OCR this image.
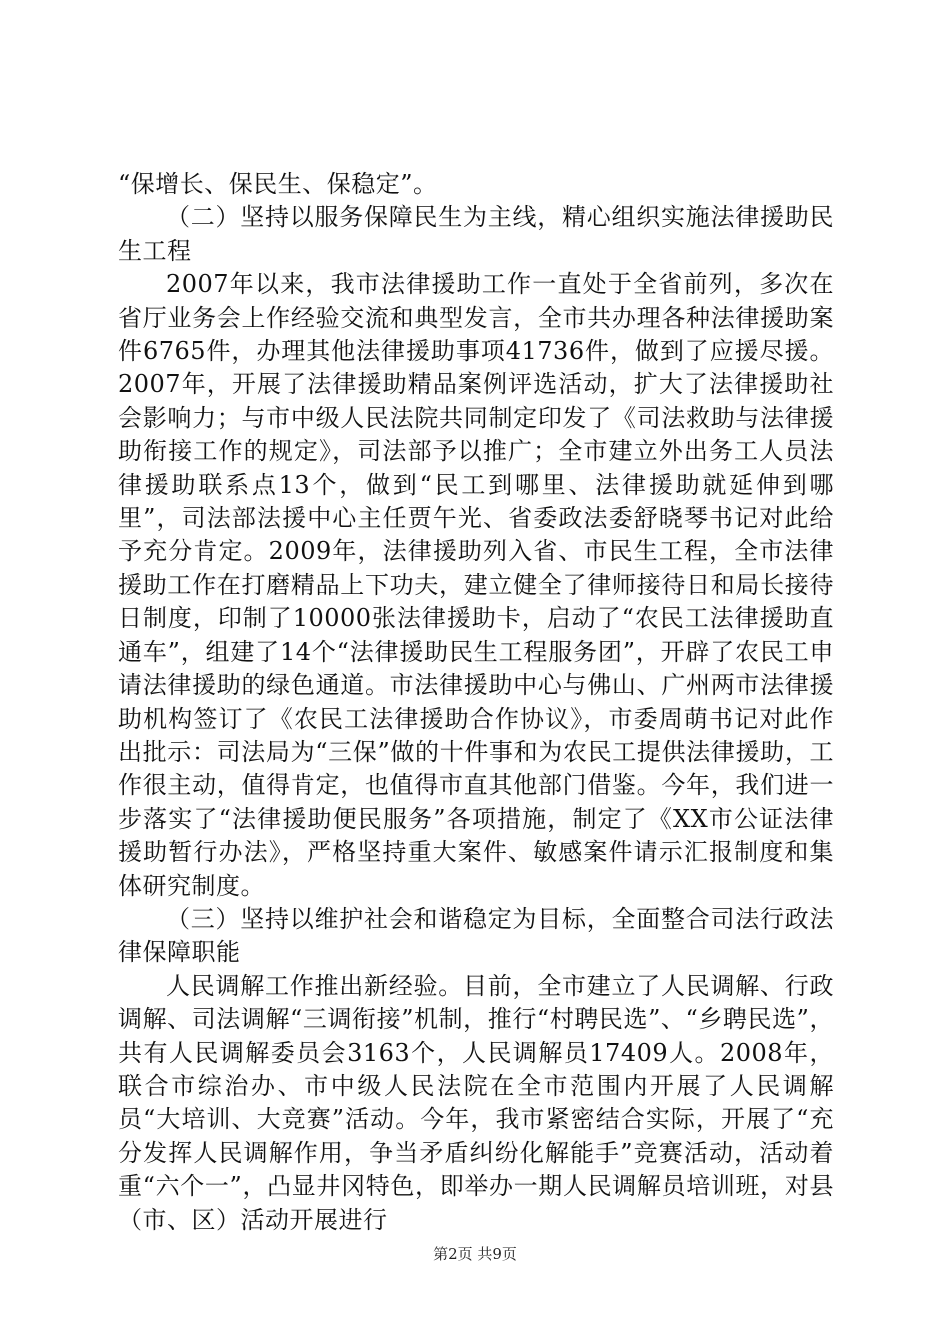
“保增长、保民生、保稳定”。

（二）坚持以服务保障民生为主线，精心组织实施法律援助民生工程

2007年以来，我市法律援助工作一直处于全省前列，多次在省厅业务会上作经验交流和典型发言，全市共办理各种法律援助案件6765件，办理其他法律援助事项41736件，做到了应援尽援。2007年，开展了法律援助精品案例评选活动，扩大了法律援助社会影响力；与市中级人民法院共同制定印发了《司法救助与法律援助衔接工作的规定》，司法部予以推广；全市建立外出务工人员法律援助联系点13个，做到“民工到哪里、法律援助就延伸到哪里”，司法部法援中心主任贾午光、省委政法委舒晓琴书记对此给予充分肯定。2009年，法律援助列入省、市民生工程，全市法律援助工作在打磨精品上下功夫，建立健全了律师接待日和局长接待日制度，印制了10000张法律援助卡，启动了“农民工法律援助直通车”，组建了14个“法律援助民生工程服务团”，开辟了农民工申请法律援助的绿色通道。市法律援助中心与佛山、广州两市法律援助机构签订了《农民工法律援助合作协议》，市委周萌书记对此作出批示：司法局为“三保”做的十件事和为农民工提供法律援助，工作很主动，值得肯定，也值得市直其他部门借鉴。今年，我们进一步落实了“法律援助便民服务”各项措施，制定了《XX市公证法律援助暂行办法》，严格坚持重大案件、敏感案件请示汇报制度和集体研究制度。

（三）坚持以维护社会和谐稳定为目标，全面整合司法行政法律保障职能

人民调解工作推出新经验。目前，全市建立了人民调解、行政调解、司法调解“三调衔接”机制，推行“村聘民选”、“乡聘民选”，共有人民调解委员会3163个，人民调解员17409人。2008年，联合市综治办、市中级人民法院在全市范围内开展了人民调解员“大培训、大竞赛”活动。今年，我市紧密结合实际，开展了“充分发挥人民调解作用，争当矛盾纠纷化解能手”竞赛活动，活动着重“六个一”，凸显井冈特色，即举办一期人民调解员培训班，对县（市、区）活动开展进行

第2页 共9页
